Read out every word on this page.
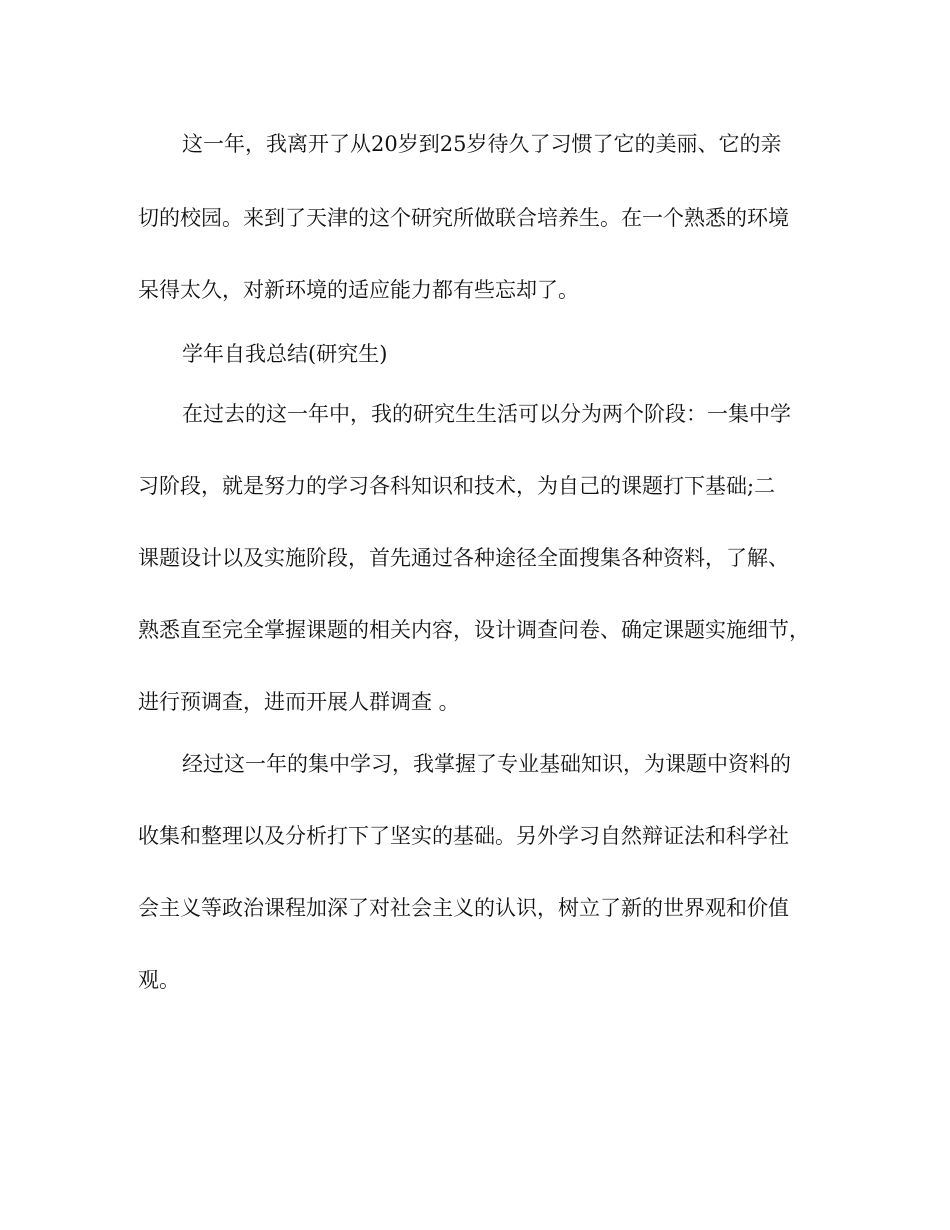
这一年，我离开了从20岁到25岁待久了习惯了它的美丽、它的亲
切的校园。来到了天津的这个研究所做联合培养生。在一个熟悉的环境
呆得太久，对新环境的适应能力都有些忘却了。
学年自我总结(研究生)
在过去的这一年中，我的研究生生活可以分为两个阶段：一集中学
习阶段，就是努力的学习各科知识和技术，为自己的课题打下基础;二
课题设计以及实施阶段，首先通过各种途径全面搜集各种资料，了解、
熟悉直至完全掌握课题的相关内容，设计调查问卷、确定课题实施细节，
进行预调查，进而开展人群调查 。
经过这一年的集中学习，我掌握了专业基础知识，为课题中资料的
收集和整理以及分析打下了坚实的基础。另外学习自然辩证法和科学社
会主义等政治课程加深了对社会主义的认识，树立了新的世界观和价值
观。
